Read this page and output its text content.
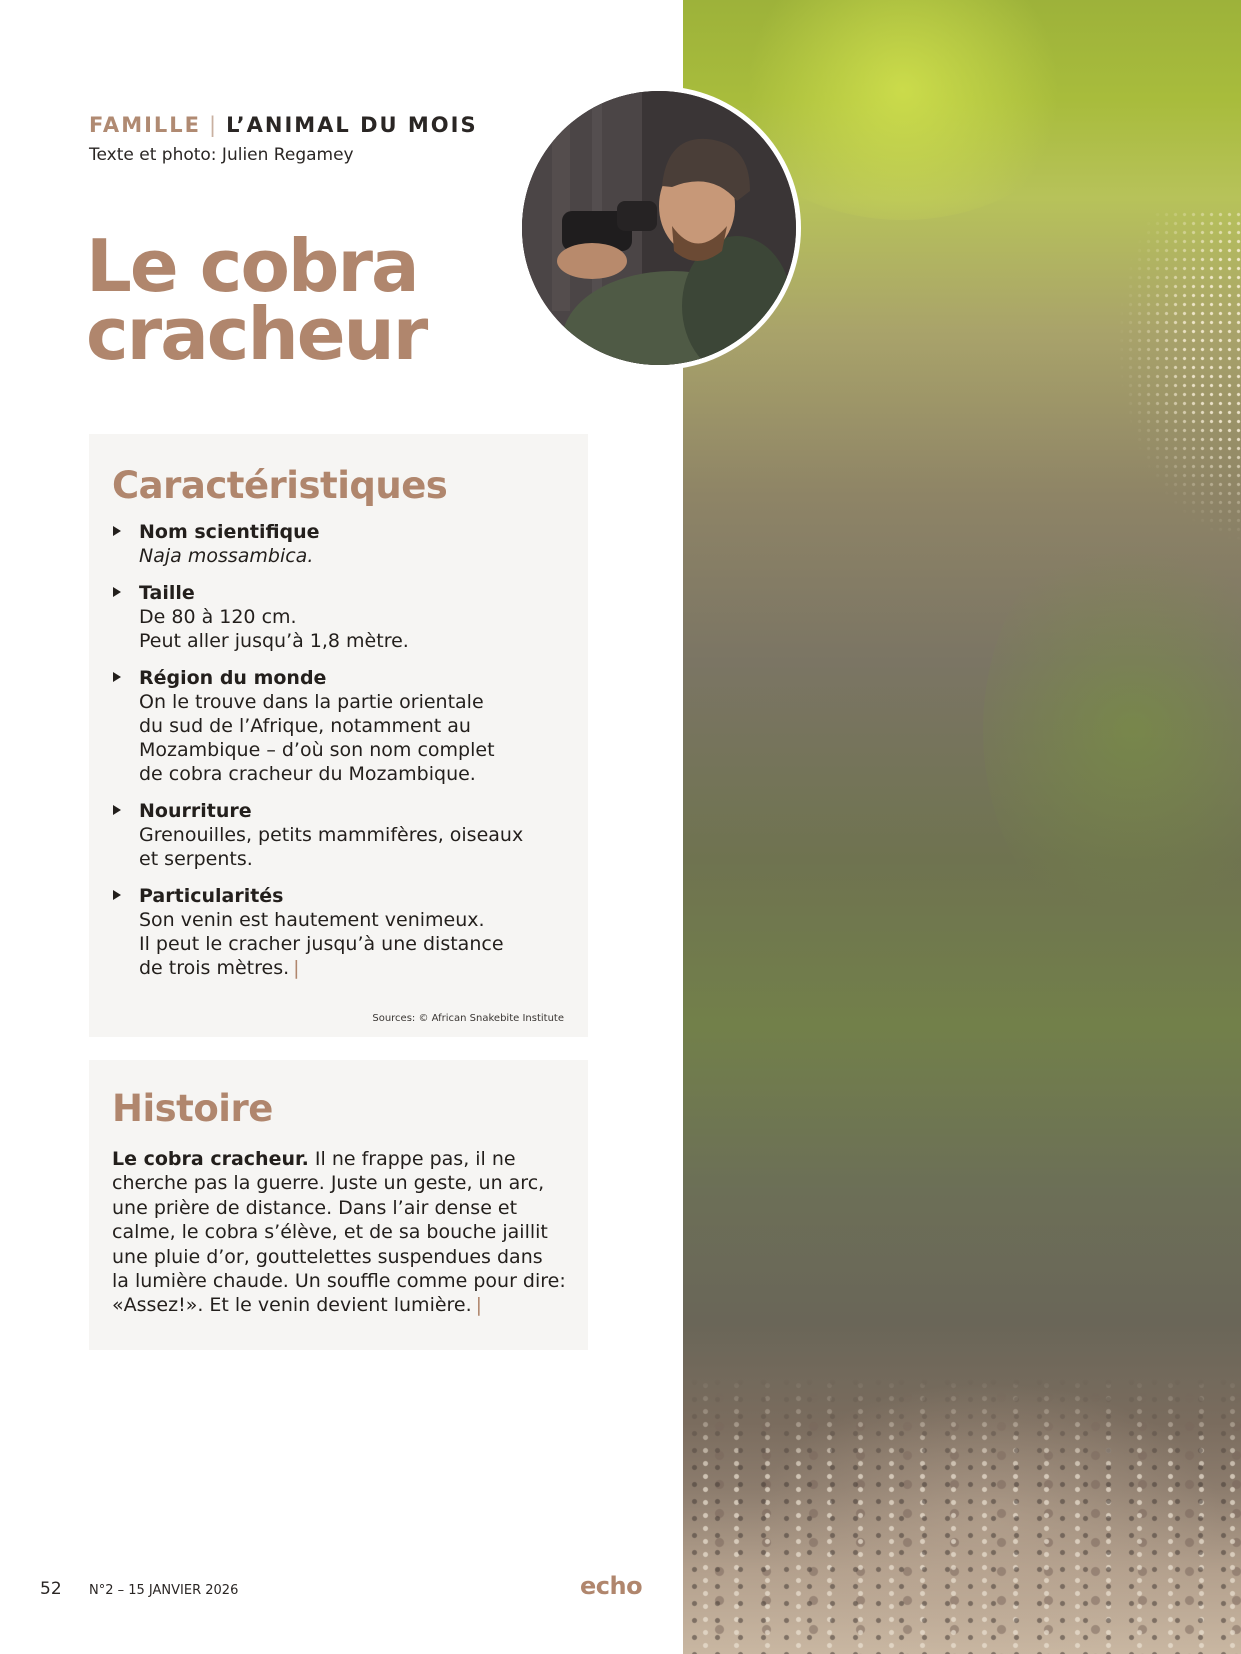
FAMILLE | L’ANIMAL DU MOIS
Texte et photo: Julien Regamey
Le cobra
cracheur
Caractéristiques
Nom scientifique
Naja mossambica.
Taille
De 80 à 120 cm.
Peut aller jusqu’à 1,8 mètre.
Région du monde
On le trouve dans la partie orientale
du sud de l’Afrique, notamment au
Mozambique – d’où son nom complet
de cobra cracheur du Mozambique.
Nourriture
Grenouilles, petits mammifères, oiseaux
et serpents.
Particularités
Son venin est hautement venimeux.
Il peut le cracher jusqu’à une distance
de trois mètres. |
Sources: © African Snakebite Institute
Histoire

Le cobra cracheur. Il ne frappe pas, il ne
cherche pas la guerre. Juste un geste, un arc,
une prière de distance. Dans l’air dense et
calme, le cobra s’élève, et de sa bouche jaillit
une pluie d’or, gouttelettes suspendues dans
la lumière chaude. Un souffle comme pour dire:
«Assez!». Et le venin devient lumière. |

52 N°2 – 15 JANVIER 2026	echo
